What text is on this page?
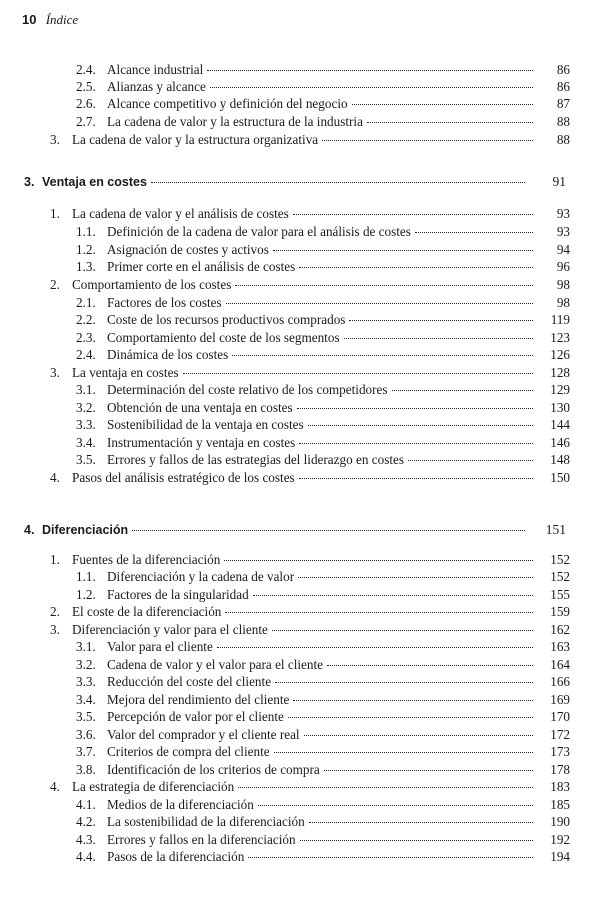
10 Índice
2.4. Alcance industrial	86
2.5. Alianzas y alcance	86
2.6. Alcance competitivo y definición del negocio	87
2.7. La cadena de valor y la estructura de la industria	88
3. La cadena de valor y la estructura organizativa	88
3. Ventaja en costes	91
1. La cadena de valor y el análisis de costes	93
1.1. Definición de la cadena de valor para el análisis de costes	93
1.2. Asignación de costes y activos	94
1.3. Primer corte en el análisis de costes	96
2. Comportamiento de los costes	98
2.1. Factores de los costes	98
2.2. Coste de los recursos productivos comprados	119
2.3. Comportamiento del coste de los segmentos	123
2.4. Dinámica de los costes	126
3. La ventaja en costes	128
3.1. Determinación del coste relativo de los competidores	129
3.2. Obtención de una ventaja en costes	130
3.3. Sostenibilidad de la ventaja en costes	144
3.4. Instrumentación y ventaja en costes	146
3.5. Errores y fallos de las estrategias del liderazgo en costes	148
4. Pasos del análisis estratégico de los costes	150
4. Diferenciación	151
1. Fuentes de la diferenciación	152
1.1. Diferenciación y la cadena de valor	152
1.2. Factores de la singularidad	155
2. El coste de la diferenciación	159
3. Diferenciación y valor para el cliente	162
3.1. Valor para el cliente	163
3.2. Cadena de valor y el valor para el cliente	164
3.3. Reducción del coste del cliente	166
3.4. Mejora del rendimiento del cliente	169
3.5. Percepción de valor por el cliente	170
3.6. Valor del comprador y el cliente real	172
3.7. Criterios de compra del cliente	173
3.8. Identificación de los criterios de compra	178
4. La estrategia de diferenciación	183
4.1. Medios de la diferenciación	185
4.2. La sostenibilidad de la diferenciación	190
4.3. Errores y fallos en la diferenciación	192
4.4. Pasos de la diferenciación	194
